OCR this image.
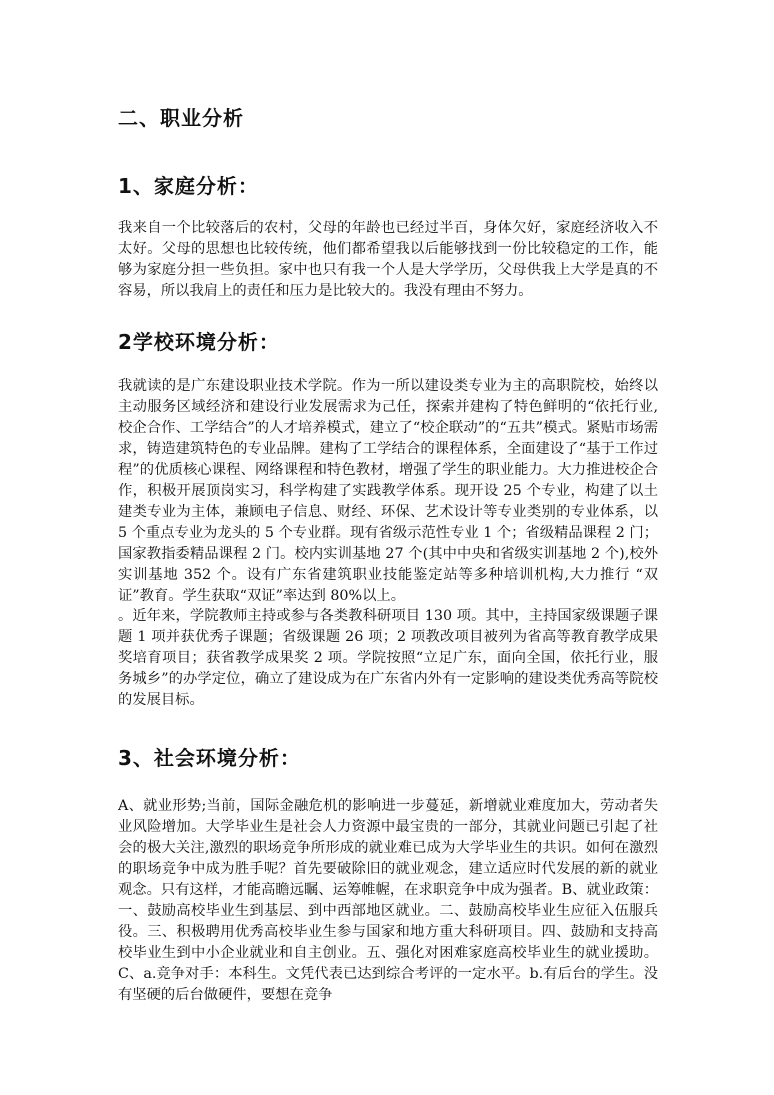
二、职业分析
1、家庭分析：

我来自一个比较落后的农村，父母的年龄也已经过半百，身体欠好，家庭经济收入不太好。父母的思想也比较传统，他们都希望我以后能够找到一份比较稳定的工作，能够为家庭分担一些负担。家中也只有我一个人是大学学历，父母供我上大学是真的不容易，所以我肩上的责任和压力是比较大的。我没有理由不努力。

2学校环境分析：

我就读的是广东建设职业技术学院。作为一所以建设类专业为主的高职院校，始终以主动服务区域经济和建设行业发展需求为己任，探索并建构了特色鲜明的“依托行业,校企合作、工学结合”的人才培养模式，建立了“校企联动”的“五共”模式。紧贴市场需求，铸造建筑特色的专业品牌。建构了工学结合的课程体系，全面建设了“基于工作过程”的优质核心课程、网络课程和特色教材，增强了学生的职业能力。大力推进校企合作，积极开展顶岗实习，科学构建了实践教学体系。现开设 25 个专业，构建了以土建类专业为主体，兼顾电子信息、财经、环保、艺术设计等专业类别的专业体系，以 5 个重点专业为龙头的 5 个专业群。现有省级示范性专业 1 个；省级精品课程 2 门；国家教指委精品课程 2 门。校内实训基地 27 个(其中中央和省级实训基地 2 个),校外实训基地 352 个。设有广东省建筑职业技能鉴定站等多种培训机构,大力推行 “双证”教育。学生获取“双证”率达到 80%以上。

。近年来，学院教师主持或参与各类教科研项目 130 项。其中，主持国家级课题子课题 1 项并获优秀子课题；省级课题 26 项；2 项教改项目被列为省高等教育教学成果奖培育项目；获省教学成果奖 2 项。学院按照“立足广东，面向全国，依托行业，服务城乡”的办学定位，确立了建设成为在广东省内外有一定影响的建设类优秀高等院校的发展目标。

3、社会环境分析：

A、就业形势;当前，国际金融危机的影响进一步蔓延，新增就业难度加大，劳动者失业风险增加。大学毕业生是社会人力资源中最宝贵的一部分，其就业问题已引起了社会的极大关注,激烈的职场竞争所形成的就业难已成为大学毕业生的共识。如何在激烈的职场竞争中成为胜手呢？首先要破除旧的就业观念，建立适应时代发展的新的就业观念。只有这样，才能高瞻远瞩、运筹帷幄，在求职竞争中成为强者。B、就业政策：一、鼓励高校毕业生到基层、到中西部地区就业。二、鼓励高校毕业生应征入伍服兵役。三、积极聘用优秀高校毕业生参与国家和地方重大科研项目。四、鼓励和支持高校毕业生到中小企业就业和自主创业。五、强化对困难家庭高校毕业生的就业援助。C、a.竞争对手：本科生。文凭代表已达到综合考评的一定水平。b.有后台的学生。没有坚硬的后台做硬件，要想在竞争
